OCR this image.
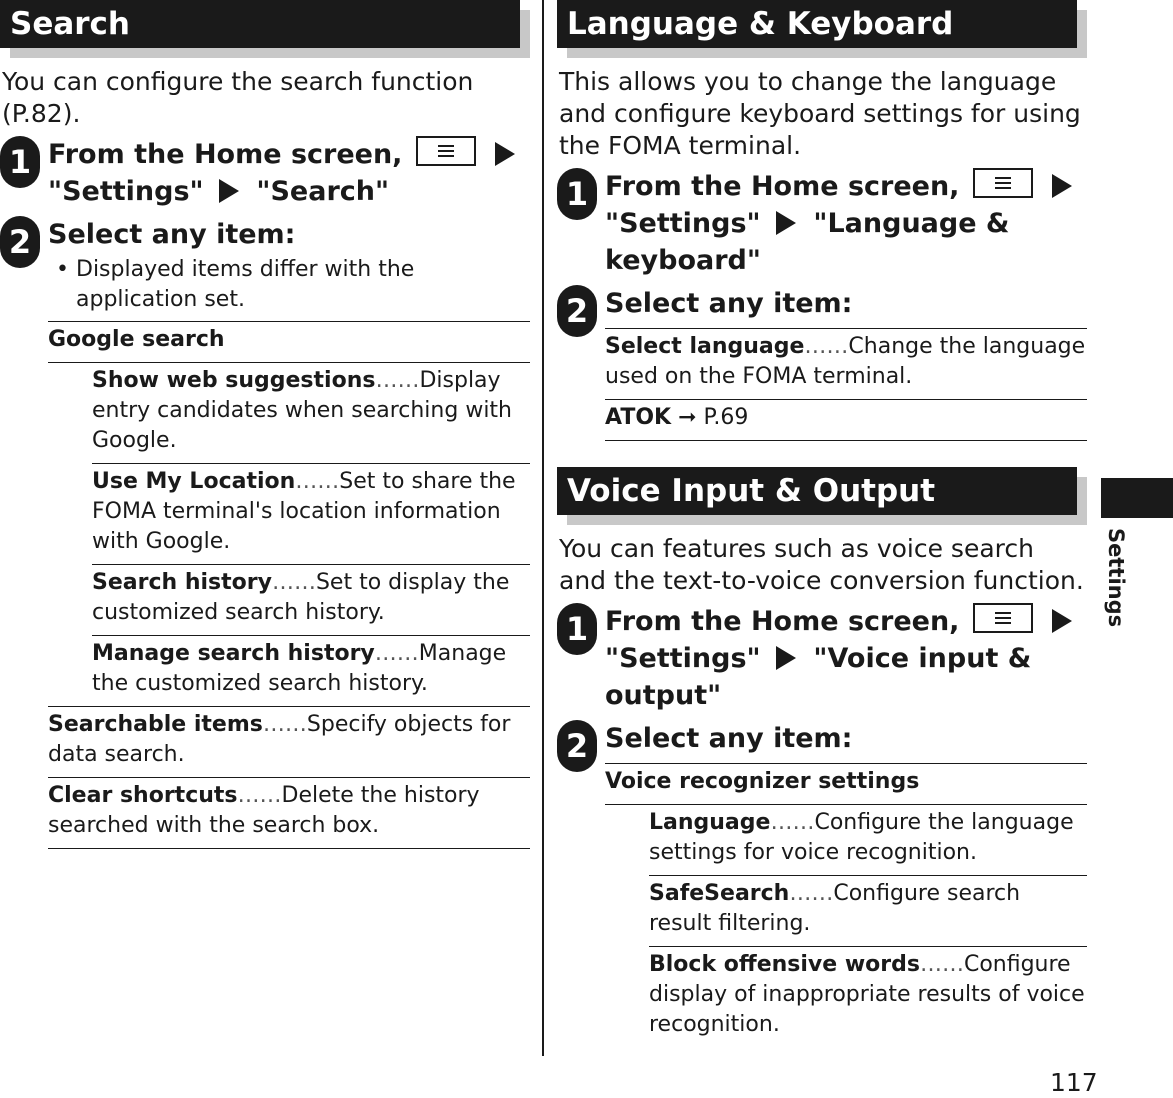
Search
You can configure the search function (P.82).
1 From the Home screen,

"Settings" "Search"
2 Select any item:
• Displayed items differ with the application set.
Google search
Show web suggestions……Display entry candidates when searching with Google.
Use My Location……Set to share the FOMA terminal's location information with Google.
Search history……Set to display the customized search history.
Manage search history……Manage the customized search history.
Searchable items……Specify objects for data search.
Clear shortcuts……Delete the history searched with the search box.
Language & Keyboard
This allows you to change the language and configure keyboard settings for using the FOMA terminal.
1 From the Home screen,

"Settings" "Language & keyboard"
2 Select any item:
Select language……Change the language used on the FOMA terminal.
ATOK ➞ P.69
Voice Input & Output
You can features such as voice search and the text-to-voice conversion function.
1 From the Home screen,

"Settings" "Voice input & output"
2 Select any item:
Voice recognizer settings
Language……Configure the language settings for voice recognition.
SafeSearch……Configure search result filtering.
Block offensive words……Configure display of inappropriate results of voice recognition.
Settings
117
